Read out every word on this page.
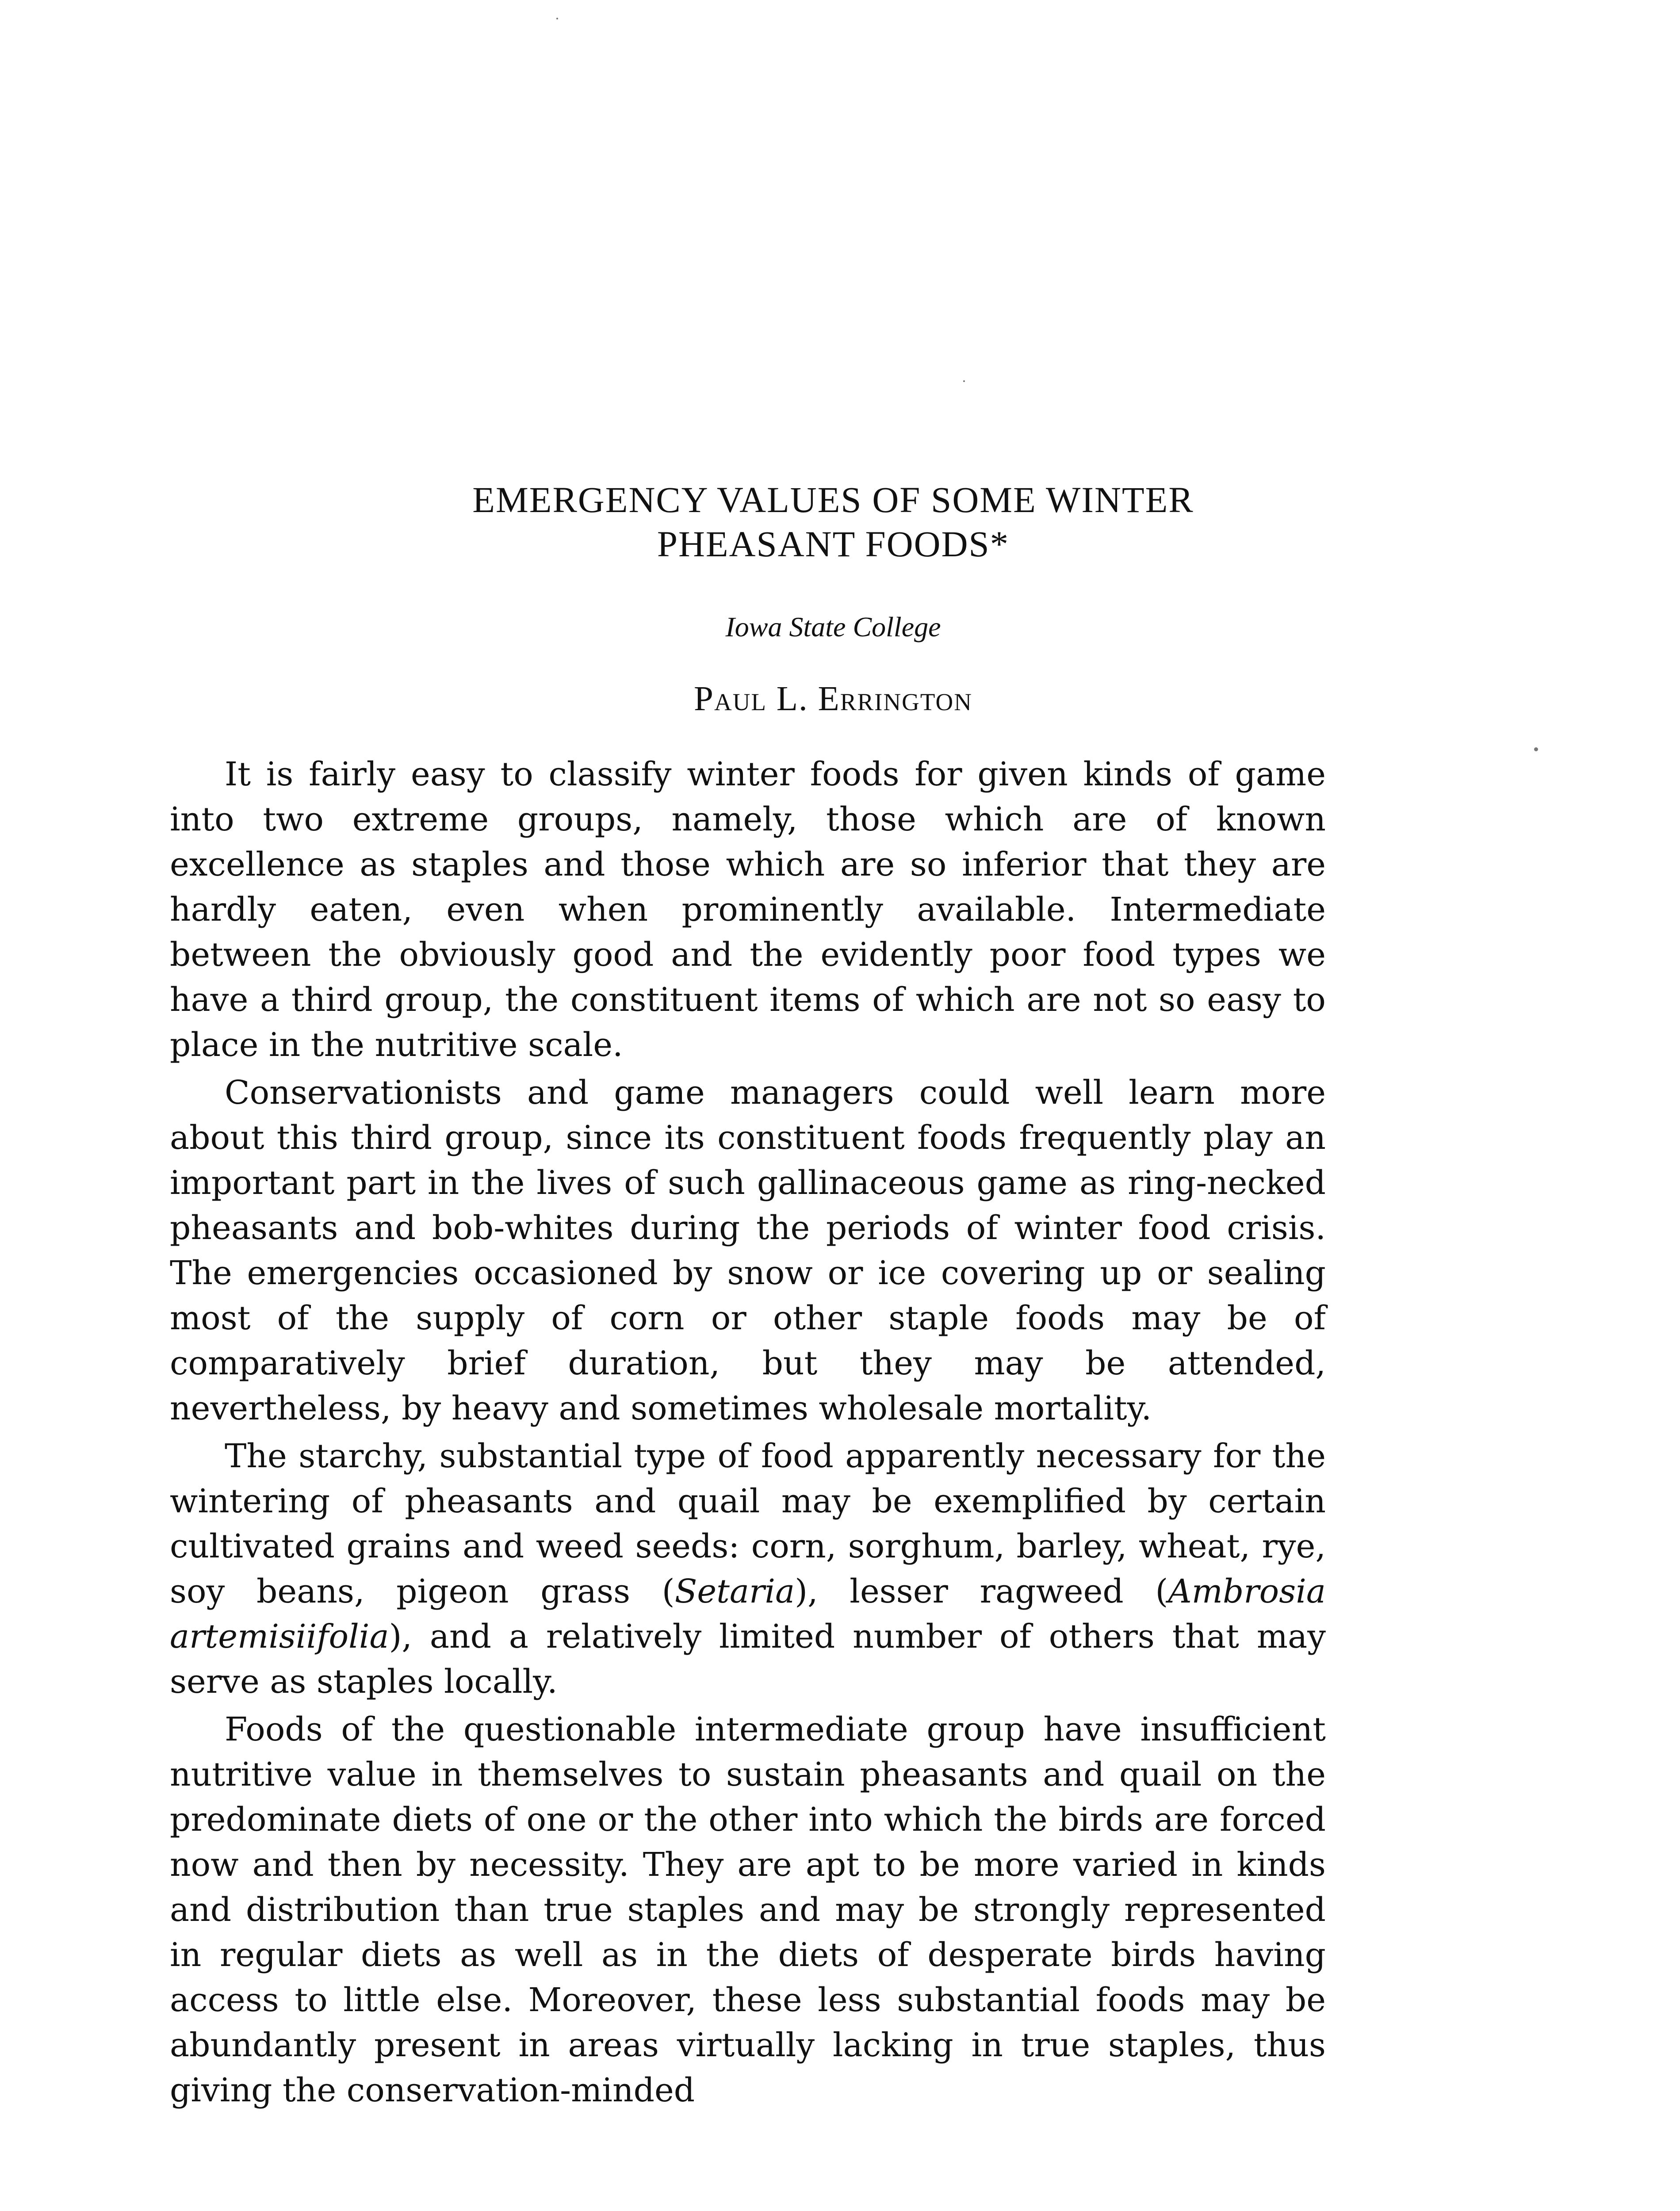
EMERGENCY VALUES OF SOME WINTER
PHEASANT FOODS*
Iowa State College
Paul L. Errington

It is fairly easy to classify winter foods for given kinds of game into two extreme groups, namely, those which are of known excellence as staples and those which are so inferior that they are hardly eaten, even when prominently available. Intermediate between the obviously good and the evidently poor food types we have a third group, the constituent items of which are not so easy to place in the nutritive scale.

Conservationists and game managers could well learn more about this third group, since its constituent foods frequently play an important part in the lives of such gallinaceous game as ring-necked pheasants and bob-whites during the periods of winter food crisis. The emergencies occasioned by snow or ice covering up or sealing most of the supply of corn or other staple foods may be of comparatively brief duration, but they may be attended, nevertheless, by heavy and sometimes wholesale mortality.

The starchy, substantial type of food apparently necessary for the wintering of pheasants and quail may be exemplified by certain cultivated grains and weed seeds: corn, sorghum, barley, wheat, rye, soy beans, pigeon grass (Setaria), lesser ragweed (Ambrosia artemisiifolia), and a relatively limited number of others that may serve as staples locally.

Foods of the questionable intermediate group have insufficient nutritive value in themselves to sustain pheasants and quail on the predominate diets of one or the other into which the birds are forced now and then by necessity. They are apt to be more varied in kinds and distribution than true staples and may be strongly represented in regular diets as well as in the diets of desperate birds having access to little else. Moreover, these less substantial foods may be abundantly present in areas virtually lacking in true staples, thus giving the conservation-minded
